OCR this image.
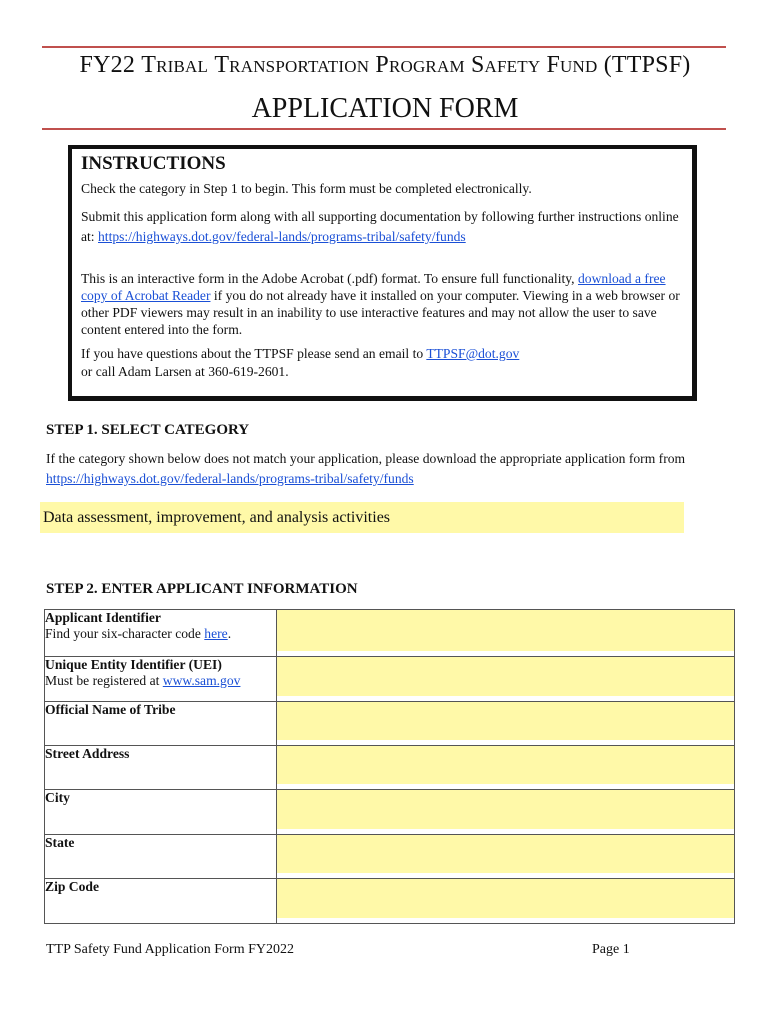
FY22 Tribal Transportation Program Safety Fund (TTPSF)
APPLICATION FORM
INSTRUCTIONS

Check the category in Step 1 to begin. This form must be completed electronically.

Submit this application form along with all supporting documentation by following further instructions online at: https://highways.dot.gov/federal-lands/programs-tribal/safety/funds

This is an interactive form in the Adobe Acrobat (.pdf) format. To ensure full functionality, download a free copy of Acrobat Reader if you do not already have it installed on your computer. Viewing in a web browser or other PDF viewers may result in an inability to use interactive features and may not allow the user to save content entered into the form.

If you have questions about the TTPSF please send an email to TTPSF@dot.gov
or call Adam Larsen at 360-619-2601.

STEP 1. SELECT CATEGORY
If the category shown below does not match your application, please download the appropriate application form from https://highways.dot.gov/federal-lands/programs-tribal/safety/funds
Data assessment, improvement, and analysis activities
STEP 2. ENTER APPLICANT INFORMATION
Applicant Identifier
Find your six-character code here.	

Unique Entity Identifier (UEI)
Must be registered at www.sam.gov	

Official Name of Tribe	

Street Address	

City	

State	

Zip Code	
TTP Safety Fund Application Form FY2022	Page 1
